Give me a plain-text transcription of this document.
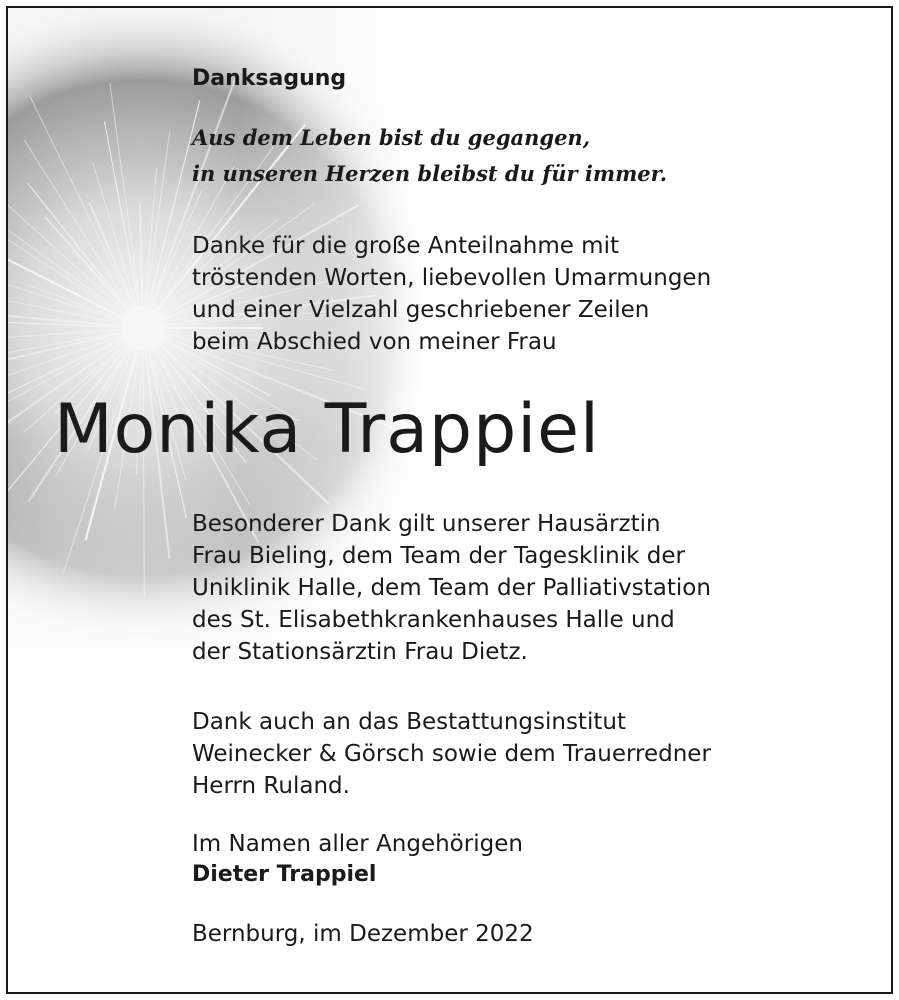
Danksagung
Aus dem Leben bist du gegangen,
in unseren Herzen bleibst du für immer.
Danke für die große Anteilnahme mit
tröstenden Worten, liebevollen Umarmungen
und einer Vielzahl geschriebener Zeilen
beim Abschied von meiner Frau
Monika Trappiel
Besonderer Dank gilt unserer Hausärztin
Frau Bieling, dem Team der Tagesklinik der
Uniklinik Halle, dem Team der Palliativstation
des St. Elisabethkrankenhauses Halle und
der Stationsärztin Frau Dietz.
Dank auch an das Bestattungsinstitut
Weinecker & Görsch sowie dem Trauerredner
Herrn Ruland.
Im Namen aller Angehörigen
Dieter Trappiel
Bernburg, im Dezember 2022
